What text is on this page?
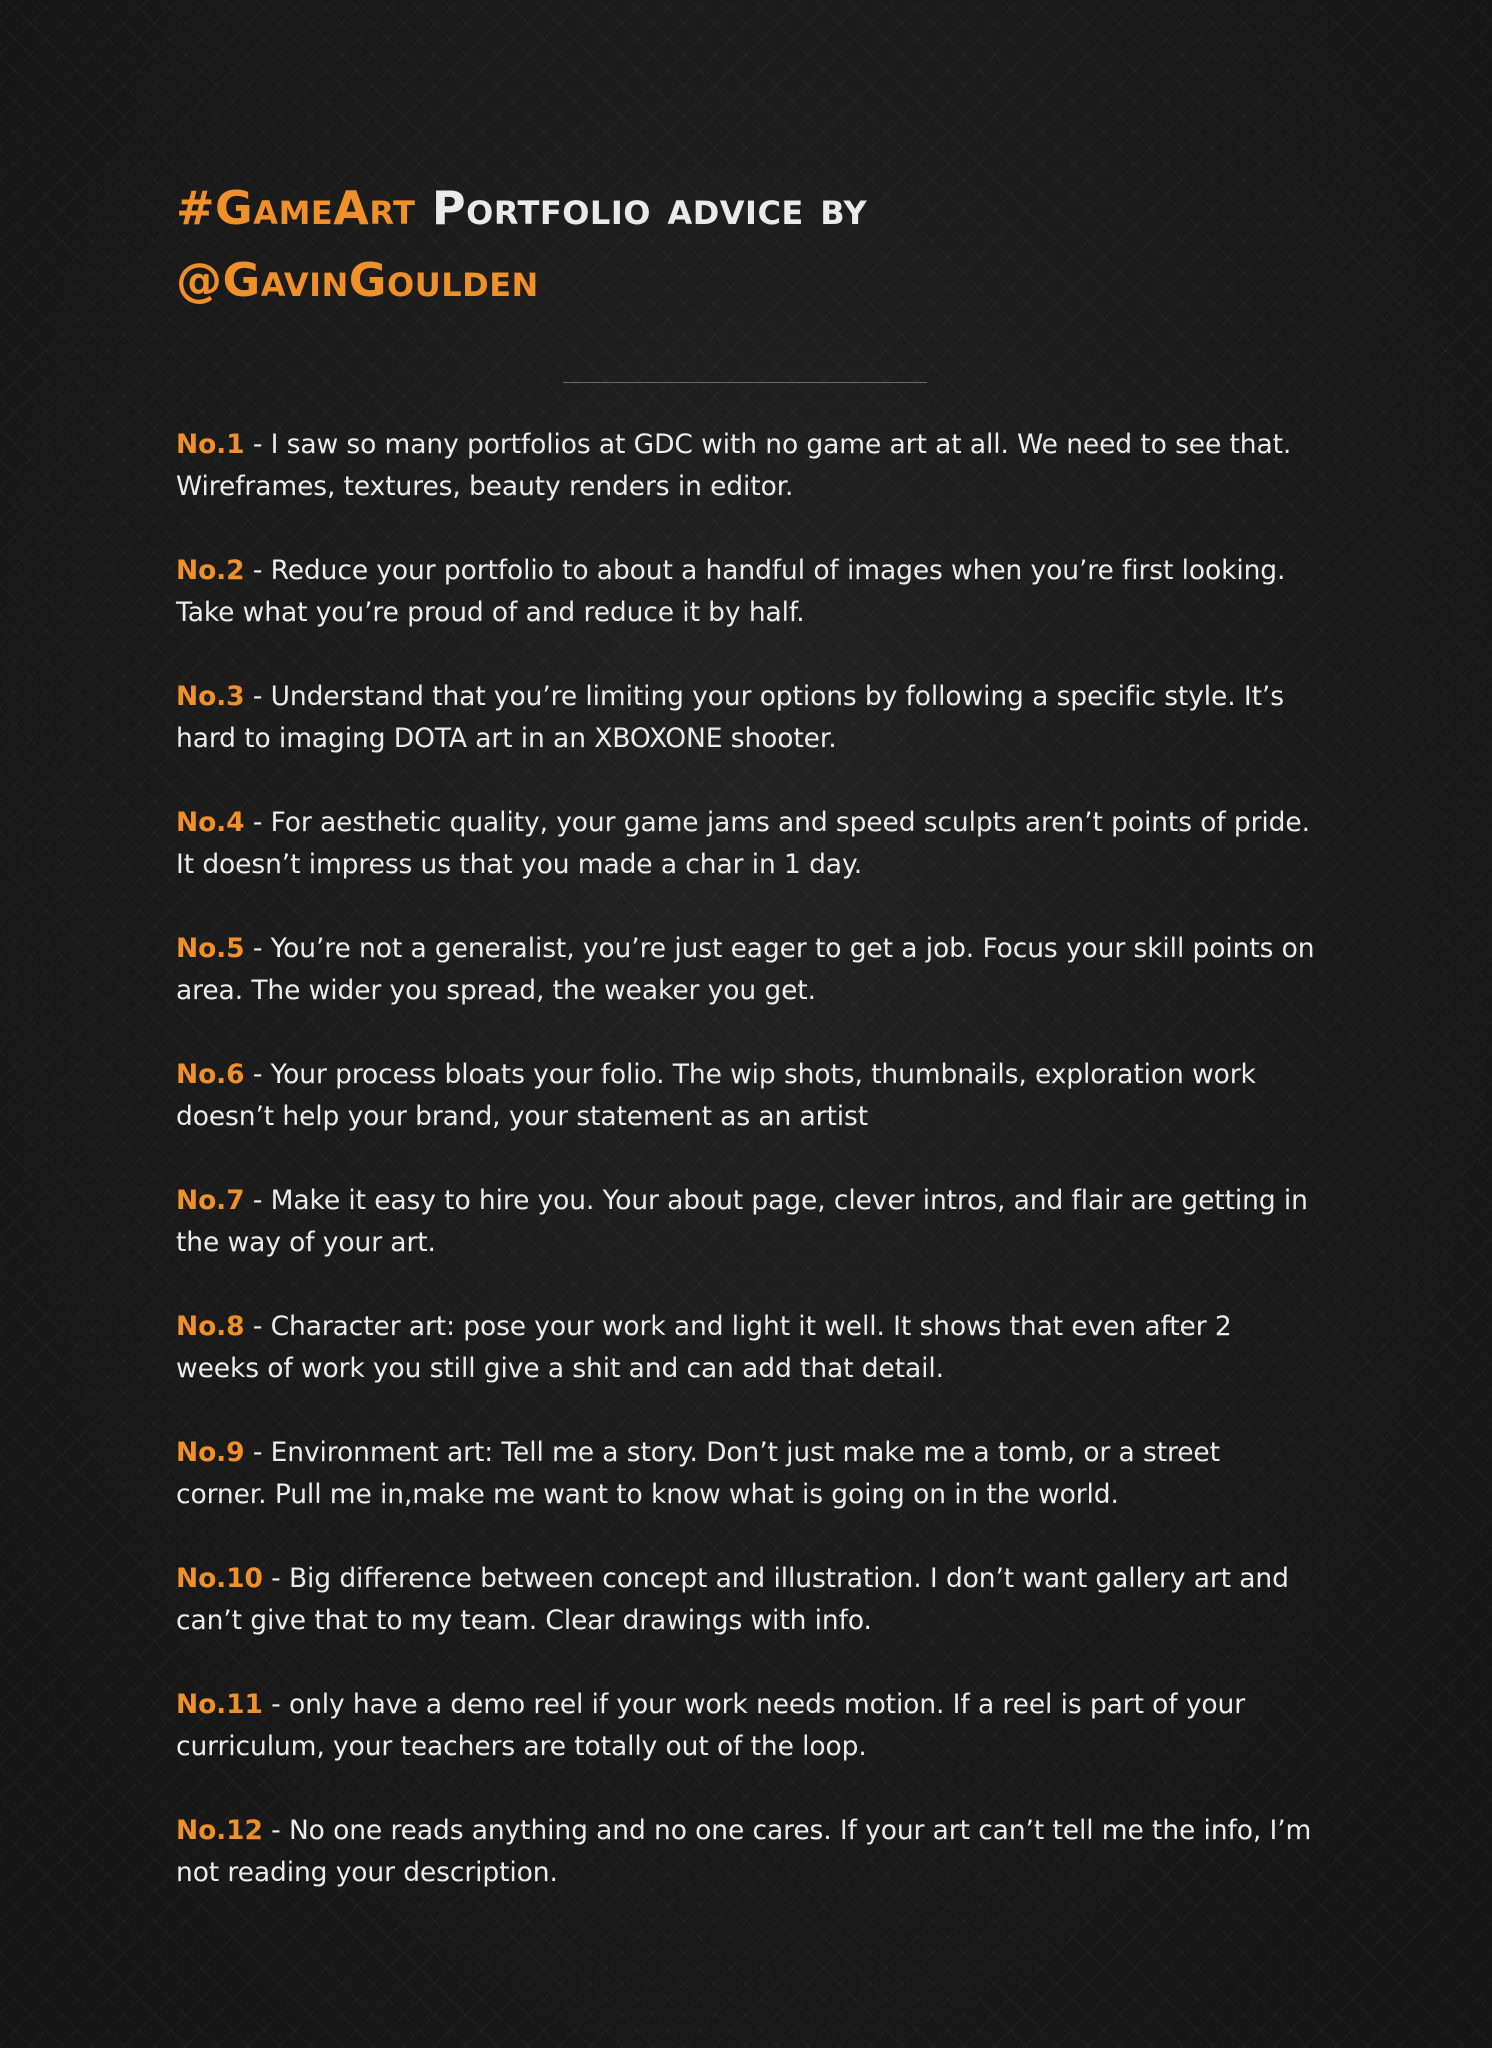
#GameArt Portfolio advice by
@GavinGoulden
No.1 - I saw so many portfolios at GDC with no game art at all. We need to see that. Wireframes, textures, beauty renders in editor.
No.2 - Reduce your portfolio to about a handful of images when you’re first looking. Take what you’re proud of and reduce it by half.
No.3 - Understand that you’re limiting your options by following a specific style. It’s hard to imaging DOTA art in an XBOXONE shooter.
No.4 - For aesthetic quality, your game jams and speed sculpts aren’t points of pride. It doesn’t impress us that you made a char in 1 day.
No.5 - You’re not a generalist, you’re just eager to get a job. Focus your skill points on area. The wider you spread, the weaker you get.
No.6 - Your process bloats your folio. The wip shots, thumbnails, exploration work doesn’t help your brand, your statement as an artist
No.7 - Make it easy to hire you. Your about page, clever intros, and flair are getting in the way of your art.
No.8 - Character art: pose your work and light it well. It shows that even after 2 weeks of work you still give a shit and can add that detail.
No.9 - Environment art: Tell me a story. Don’t just make me a tomb, or a street corner. Pull me in,make me want to know what is going on in the world.
No.10 - Big difference between concept and illustration. I don’t want gallery art and can’t give that to my team. Clear drawings with info.
No.11 - only have a demo reel if your work needs motion. If a reel is part of your curriculum, your teachers are totally out of the loop.
No.12 - No one reads anything and no one cares. If your art can’t tell me the info, I’m not reading your description.
